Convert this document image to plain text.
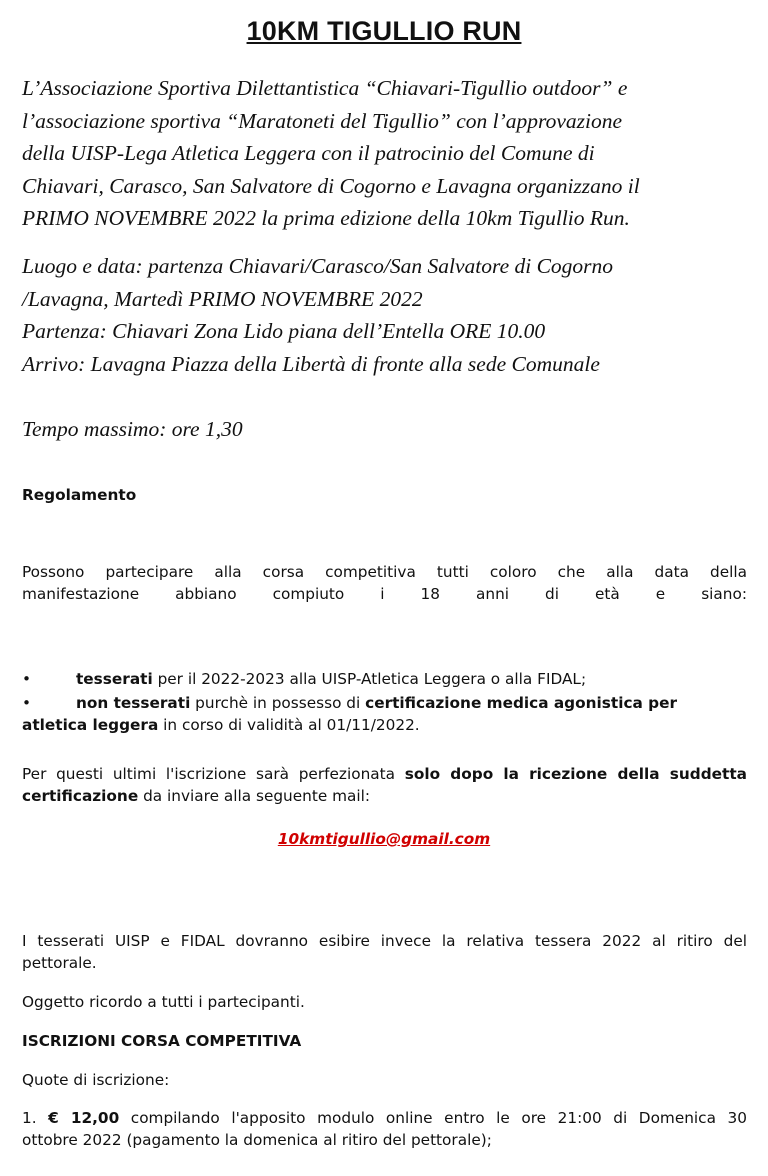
10KM TIGULLIO RUN
L’Associazione Sportiva Dilettantistica “Chiavari-Tigullio outdoor” e
l’associazione sportiva “Maratoneti del Tigullio” con l’approvazione
della UISP-Lega Atletica Leggera con il patrocinio del Comune di
Chiavari, Carasco, San Salvatore di Cogorno e Lavagna organizzano il
PRIMO NOVEMBRE 2022 la prima edizione della 10km Tigullio Run.
Luogo e data: partenza Chiavari/Carasco/San Salvatore di Cogorno
/Lavagna, Martedì PRIMO NOVEMBRE 2022
Partenza: Chiavari Zona Lido piana dell’Entella ORE 10.00
Arrivo: Lavagna Piazza della Libertà di fronte alla sede Comunale
Tempo massimo: ore 1,30
Regolamento
Possono partecipare alla corsa competitiva tutti coloro che alla data della
manifestazione abbiano compiuto i 18 anni di età e siano:
•	tesserati per il 2022-2023 alla UISP-Atletica Leggera o alla FIDAL;
•	non tesserati purchè in possesso di certificazione medica agonistica per
atletica leggera in corso di validità al 01/11/2022.
Per questi ultimi l'iscrizione sarà perfezionata solo dopo la ricezione della suddetta
certificazione da inviare alla seguente mail:
10kmtigullio@gmail.com
I tesserati UISP e FIDAL dovranno esibire invece la relativa tessera 2022 al ritiro del
pettorale.
Oggetto ricordo a tutti i partecipanti.
ISCRIZIONI CORSA COMPETITIVA
Quote di iscrizione:
1. € 12,00 compilando l'apposito modulo online entro le ore 21:00 di Domenica 30
ottobre 2022 (pagamento la domenica al ritiro del pettorale);
